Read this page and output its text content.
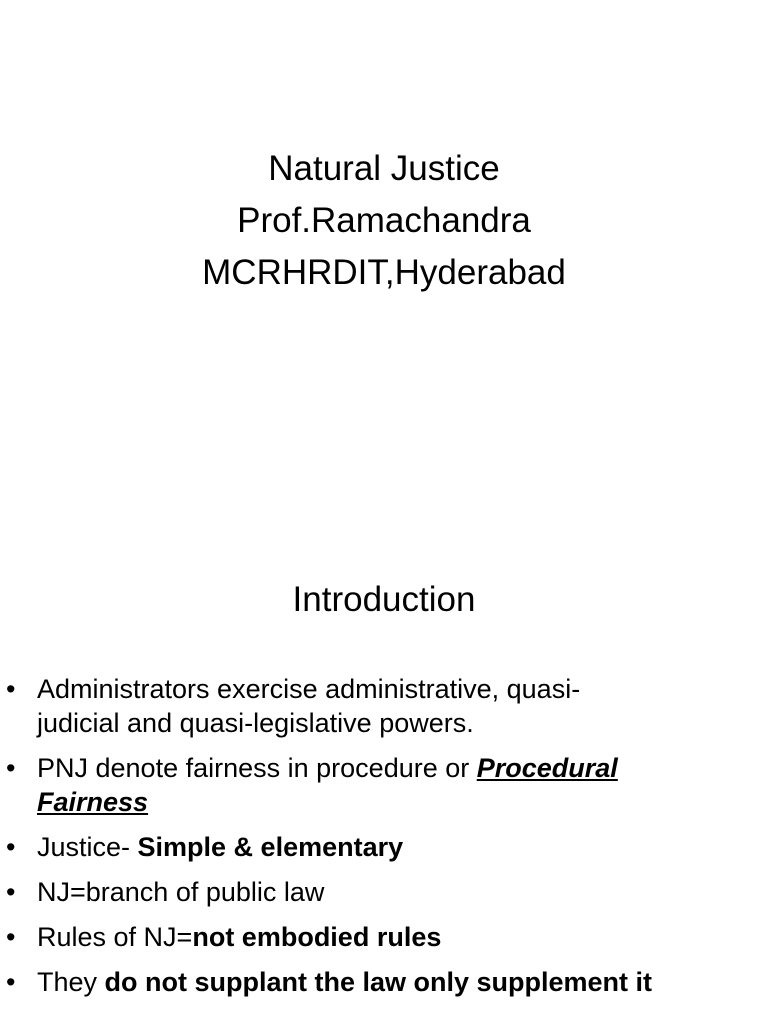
Natural Justice
Prof.Ramachandra
MCRHRDIT,Hyderabad
Introduction
• Administrators exercise administrative, quasi-
judicial and quasi-legislative powers.
• PNJ denote fairness in procedure or Procedural
Fairness
• Justice- Simple & elementary
• NJ=branch of public law
• Rules of NJ=not embodied rules
• They do not supplant the law only supplement it
